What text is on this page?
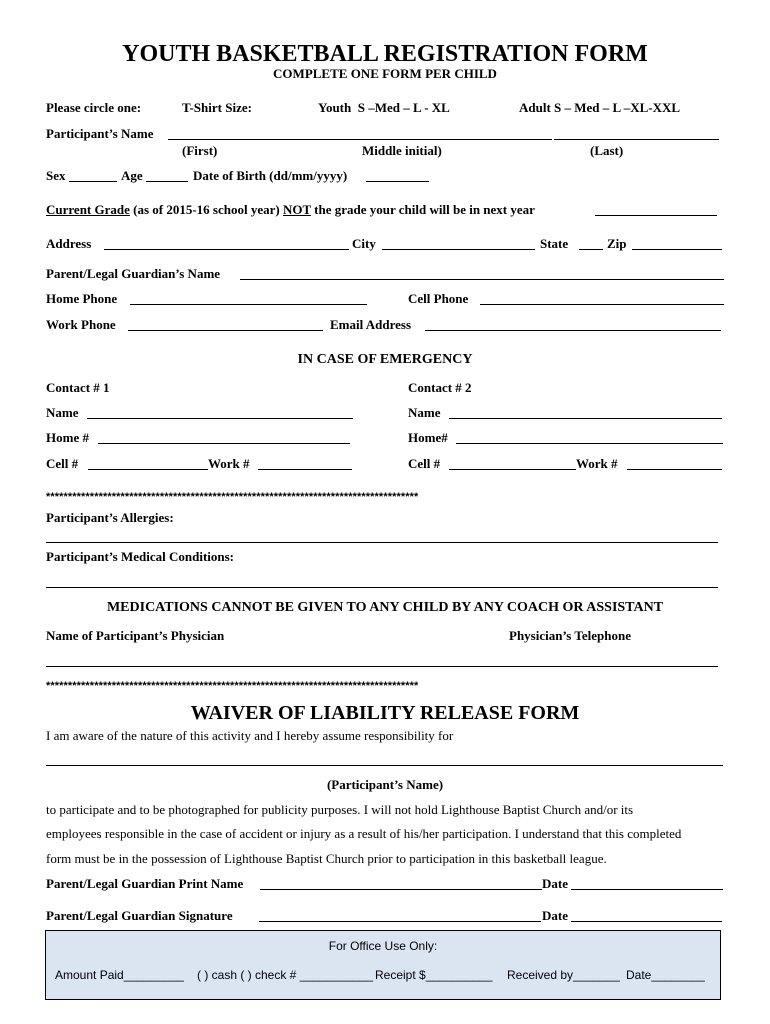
YOUTH BASKETBALL REGISTRATION FORM
COMPLETE ONE FORM PER CHILD
Please circle one:	T-Shirt Size:	Youth  S –Med – L - XL	Adult S – Med – L –XL-XXL
Participant’s Name
(First)	Middle initial)	(Last)
Sex	Age	Date of Birth (dd/mm/yyyy)
Current Grade (as of 2015-16 school year) NOT the grade your child will be in next year
Address	City	State	Zip
Parent/Legal Guardian’s Name
Home Phone	Cell Phone
Work Phone	Email Address
IN CASE OF EMERGENCY
Contact # 1	Contact # 2
Name	Name
Home #	Home#
Cell #	Work #	Cell #	Work #
*************************************************************************************
Participant’s Allergies:
Participant’s Medical Conditions:
MEDICATIONS CANNOT BE GIVEN TO ANY CHILD BY ANY COACH OR ASSISTANT
Name of Participant’s Physician	Physician’s Telephone
*************************************************************************************
WAIVER OF LIABILITY RELEASE FORM
I am aware of the nature of this activity and I hereby assume responsibility for
(Participant’s Name)
to participate and to be photographed for publicity purposes. I will not hold Lighthouse Baptist Church and/or its
employees responsible in the case of accident or injury as a result of his/her participation. I understand that this completed
form must be in the possession of Lighthouse Baptist Church prior to participation in this basketball league.
Parent/Legal Guardian Print Name	Date
Parent/Legal Guardian Signature	Date
For Office Use Only:
Amount Paid_________ ( ) cash ( ) check # ___________ Receipt $__________ Received by_______ Date________
